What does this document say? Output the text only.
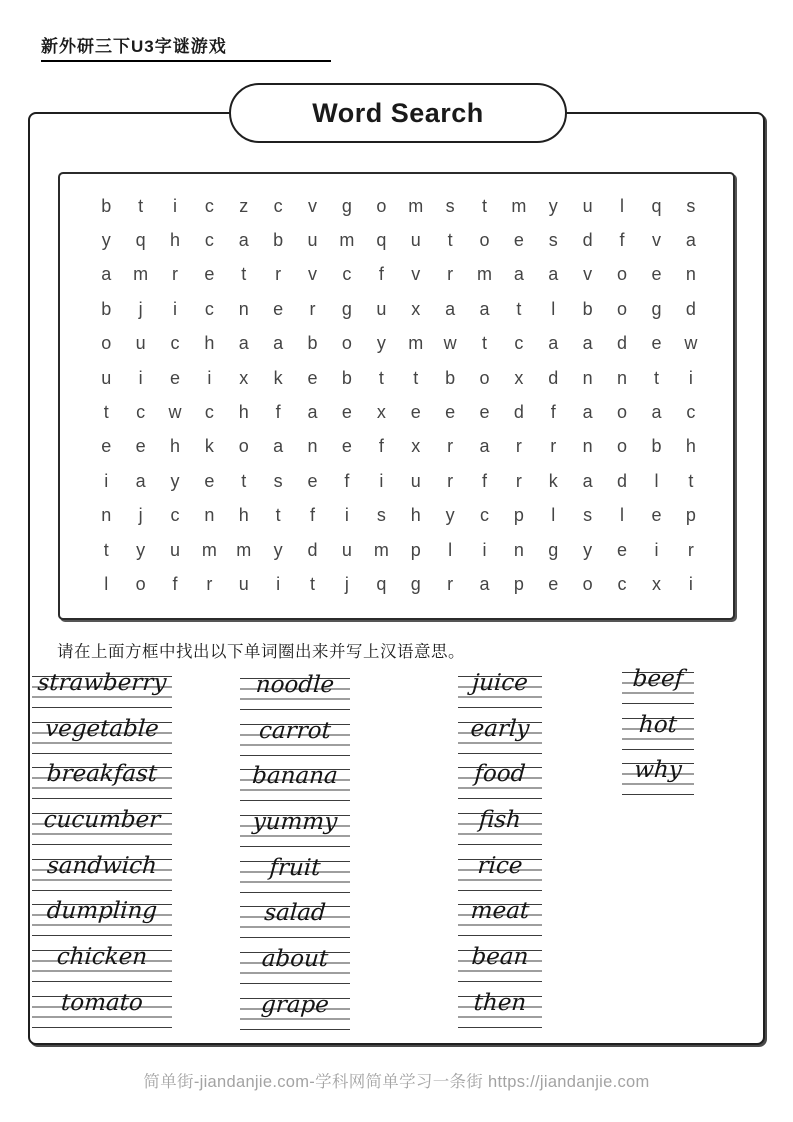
新外研三下U3字谜游戏
Word Search
b	t	i	c	z	c	v	g	o	m	s	t	m	y	u	l	q	s
y	q	h	c	a	b	u	m	q	u	t	o	e	s	d	f	v	a
a	m	r	e	t	r	v	c	f	v	r	m	a	a	v	o	e	n
b	j	i	c	n	e	r	g	u	x	a	a	t	l	b	o	g	d
o	u	c	h	a	a	b	o	y	m	w	t	c	a	a	d	e	w
u	i	e	i	x	k	e	b	t	t	b	o	x	d	n	n	t	i
t	c	w	c	h	f	a	e	x	e	e	e	d	f	a	o	a	c
e	e	h	k	o	a	n	e	f	x	r	a	r	r	n	o	b	h
i	a	y	e	t	s	e	f	i	u	r	f	r	k	a	d	l	t
n	j	c	n	h	t	f	i	s	h	y	c	p	l	s	l	e	p
t	y	u	m	m	y	d	u	m	p	l	i	n	g	y	e	i	r
l	o	f	r	u	i	t	j	q	g	r	a	p	e	o	c	x	i
请在上面方框中找出以下单词圈出来并写上汉语意思。
strawberry
vegetable
breakfast
cucumber
sandwich
dumpling
chicken
tomato
noodle
carrot
banana
yummy
fruit
salad
about
grape
juice
early
food
fish
rice
meat
bean
then
beef
hot
why
简单街-jiandanjie.com-学科网简单学习一条街 https://jiandanjie.com
